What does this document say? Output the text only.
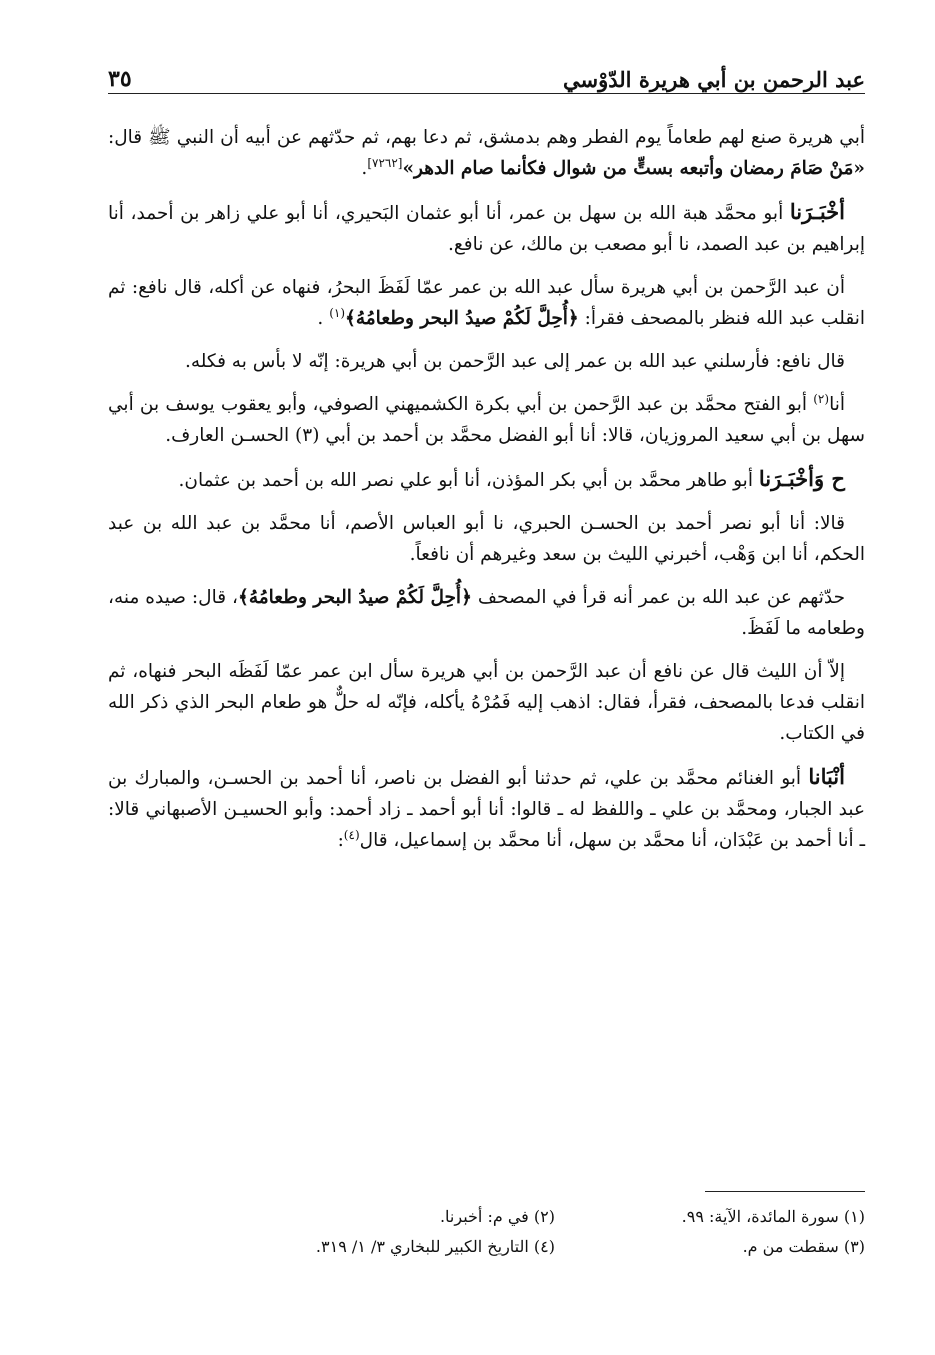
عبد الرحمن بن أبي هريرة الدّوْسي
٣٥

أبي هريرة صنع لهم طعاماً يوم الفطر وهم بدمشق، ثم دعا بهم، ثم حدّثهم عن أبيه أن النبي ﷺ قال: «مَنْ صَامَ رمضان وأتبعه بستٍّ من شوال فكأنما صام الدهر»[٧٢٦٢].

أخْبَـرَنا أبو محمَّد هبة الله بن سهل بن عمر، أنا أبو عثمان البَحيري، أنا أبو علي زاهر بن أحمد، أنا إبراهيم بن عبد الصمد، نا أبو مصعب بن مالك، عن نافع.

أن عبد الرَّحمن بن أبي هريرة سأل عبد الله بن عمر عمّا لَفَظَ البحرُ، فنهاه عن أكله، قال نافع: ثم انقلب عبد الله فنظر بالمصحف فقرأ: ﴿أُحِلَّ لَكُمْ صيدُ البحر وطعامُهُ﴾$^{(١)}$ .

قال نافع: فأرسلني عبد الله بن عمر إلى عبد الرَّحمن بن أبي هريرة: إنّه لا بأس به فكله.

أنا$^{(٢)}$ أبو الفتح محمَّد بن عبد الرَّحمن بن أبي بكرة الكشميهني الصوفي، وأبو يعقوب يوسف بن أبي سهل بن أبي سعيد المروزيان، قالا: أنا أبو الفضل محمَّد بن أحمد بن أبي (٣) الحسـن العارف.

ح وَأخْبَـرَنا أبو طاهر محمَّد بن أبي بكر المؤذن، أنا أبو علي نصر الله بن أحمد بن عثمان.

قالا: أنا أبو نصر أحمد بن الحسـن الحبري، نا أبو العباس الأصم، أنا محمَّد بن عبد الله بن عبد الحكم، أنا ابن وَهْب، أخبرني الليث بن سعد وغيرهم أن نافعاً.

حدّثهم عن عبد الله بن عمر أنه قرأ في المصحف ﴿أُحِلَّ لَكُمْ صيدُ البحر وطعامُهُ﴾، قال: صيده منه، وطعامه ما لَفَظَ.

إلاّ أن الليث قال عن نافع أن عبد الرَّحمن بن أبي هريرة سأل ابن عمر عمّا لَفَظَه البحر فنهاه، ثم انقلب فدعا بالمصحف، فقرأ، فقال: اذهب إليه فَمُرْهُ يأكله، فإنّه له حلٌّ هو طعام البحر الذي ذكر الله في الكتاب.

أنْبَانا أبو الغنائم محمَّد بن علي، ثم حدثنا أبو الفضل بن ناصر، أنا أحمد بن الحسـن، والمبارك بن عبد الجبار، ومحمَّد بن علي ـ واللفظ له ـ قالوا: أنا أبو أحمد ـ زاد أحمد: وأبو الحسيـن الأصبهاني قالا: ـ أنا أحمد بن عَبْدَان، أنا محمَّد بن سهل، أنا محمَّد بن إسماعيل، قال$^{(٤)}$:

(١) سورة المائدة، الآية: ٩٩.
(٢) في م: أخبرنا.
(٣) سقطت من م.
(٤) التاريخ الكبير للبخاري ٣/ ١/ ٣١٩.
